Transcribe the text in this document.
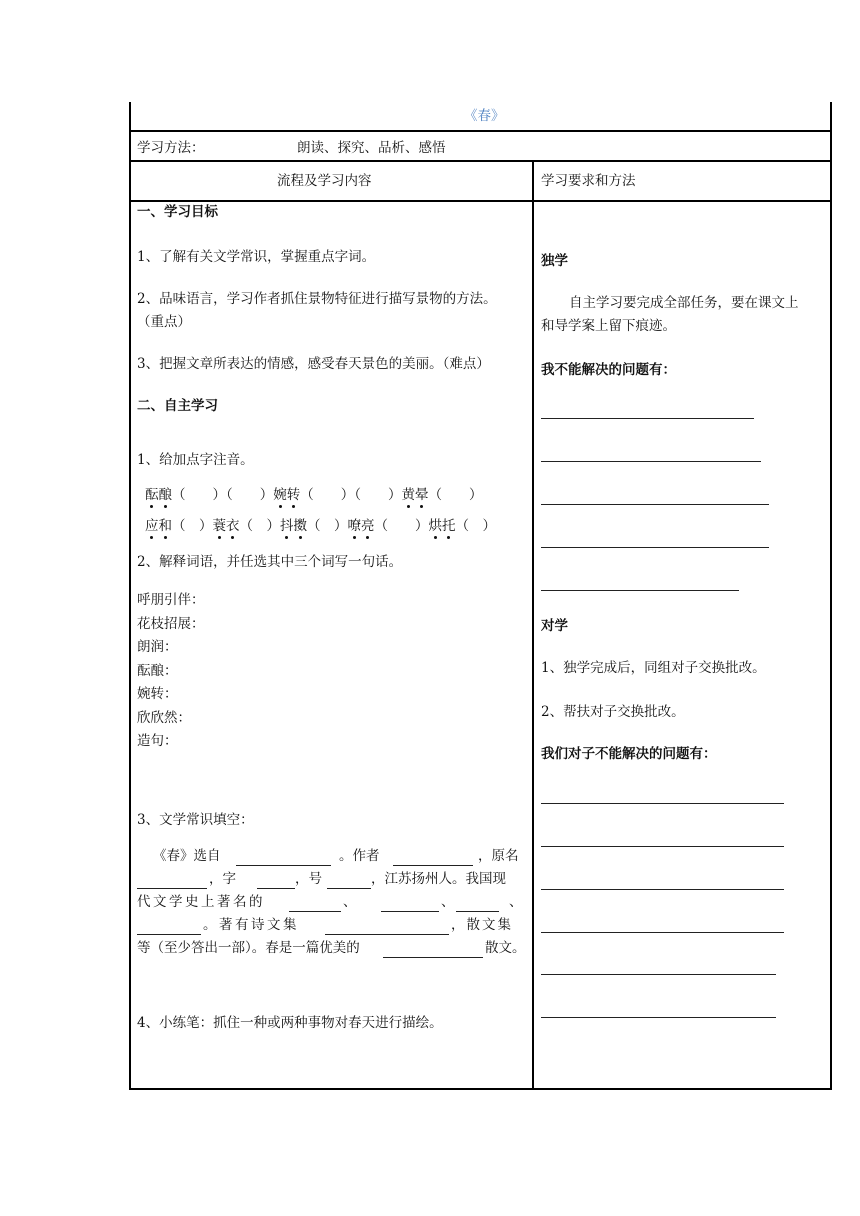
《春》
学习方法：	朗读、探究、品析、感悟
流程及学习内容	学习要求和方法
一、学习目标
1、了解有关文学常识，掌握重点字词。
2、品味语言，学习作者抓住景物特征进行描写景物的方法。
（重点）
3、把握文章所表达的情感，感受春天景色的美丽。（难点）
二、自主学习
1、给加点字注音。
酝酿（　　）（　　）婉转（　　）（　　）黄晕（　　）
应和（　）蓑衣（　）抖擞（　）嘹亮（　　）烘托（　）
2、解释词语，并任选其中三个词写一句话。
呼朋引伴：
花枝招展：
朗润：
酝酿：
婉转：
欣欣然：
造句：
3、文学常识填空：
《春》选自	。作者	，原名
，字	，号	，江苏扬州人。我国现
代文学史上著名的	、	、	、
。著有诗文集	，散文集
等（至少答出一部）。春是一篇优美的	散文。
4、小练笔：抓住一种或两种事物对春天进行描绘。
独学
自主学习要完成全部任务，要在课文上
和导学案上留下痕迹。
我不能解决的问题有：
对学
1、独学完成后，同组对子交换批改。
2、帮扶对子交换批改。
我们对子不能解决的问题有：
